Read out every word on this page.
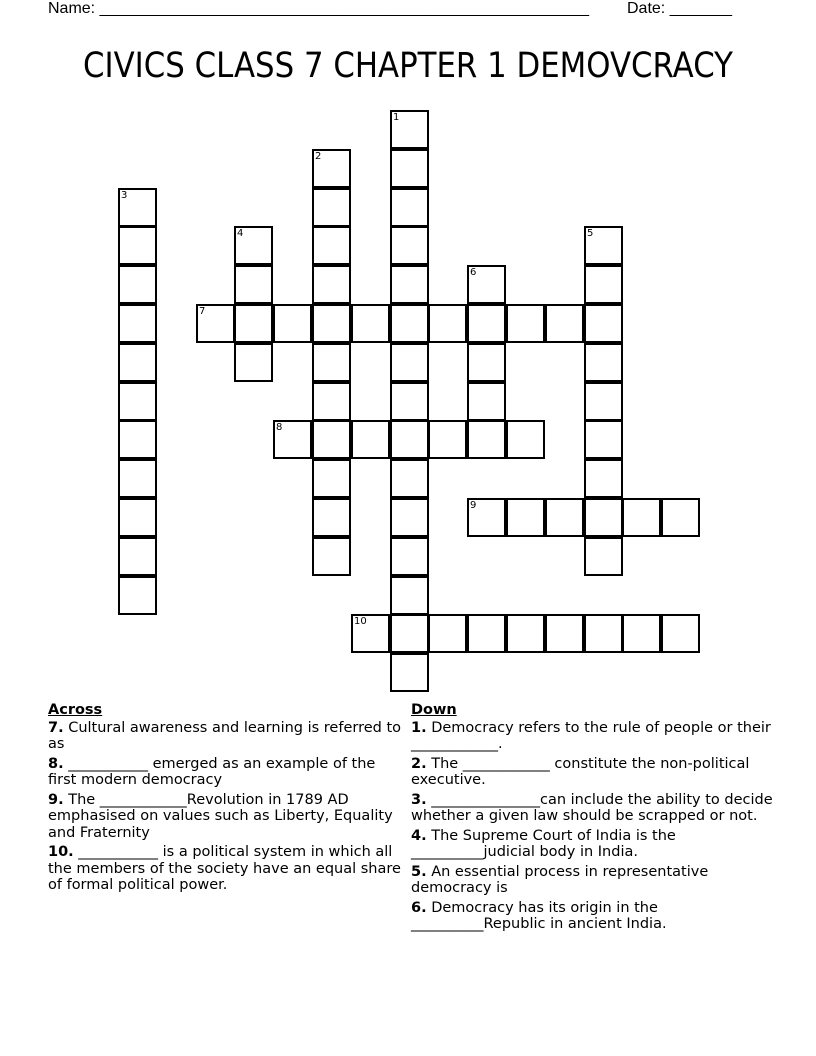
Name: _______________________________________________________ Date: _______
CIVICS CLASS 7 CHAPTER 1 DEMOVCRACY
1
2
3
4	5
6
7
8
9
10
Across
7. Cultural awareness and learning is referred to as
8. ___________ emerged as an example of the first modern democracy
9. The ____________Revolution in 1789 AD emphasised on values such as Liberty, Equality and Fraternity
10. ___________ is a political system in which all the members of the society have an equal share of formal political power.
Down
1. Democracy refers to the rule of people or their ____________.
2. The ____________ constitute the non-political executive.
3. _______________can include the ability to decide whether a given law should be scrapped or not.
4. The Supreme Court of India is the __________judicial body in India.
5. An essential process in representative democracy is
6. Democracy has its origin in the __________Republic in ancient India.
